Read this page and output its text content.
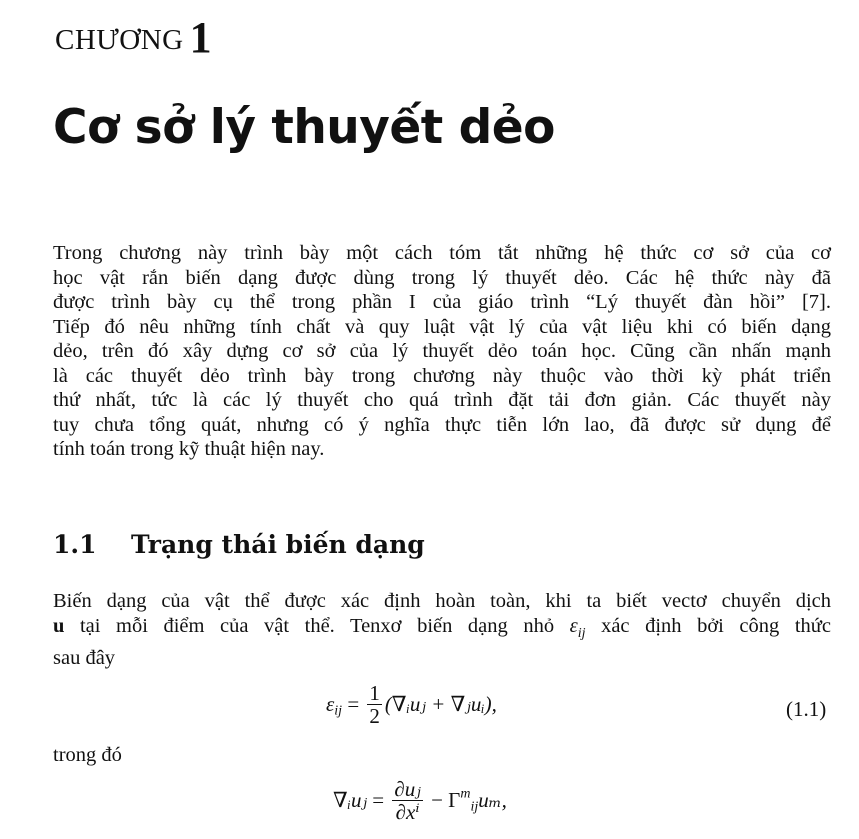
CHƯƠNG 1
Cơ sở lý thuyết dẻo
Trong chương này trình bày một cách tóm tắt những hệ thức cơ sở của cơ
học vật rắn biến dạng được dùng trong lý thuyết dẻo. Các hệ thức này đã
được trình bày cụ thể trong phần I của giáo trình “Lý thuyết đàn hồi” [7].
Tiếp đó nêu những tính chất và quy luật vật lý của vật liệu khi có biến dạng
dẻo, trên đó xây dựng cơ sở của lý thuyết dẻo toán học. Cũng cần nhấn mạnh
là các thuyết dẻo trình bày trong chương này thuộc vào thời kỳ phát triển
thứ nhất, tức là các lý thuyết cho quá trình đặt tải đơn giản. Các thuyết này
tuy chưa tổng quát, nhưng có ý nghĩa thực tiễn lớn lao, đã được sử dụng để
tính toán trong kỹ thuật hiện nay.
1.1 Trạng thái biến dạng
Biến dạng của vật thể được xác định hoàn toàn, khi ta biết vectơ chuyển dịch
u tại mỗi điểm của vật thể. Tenxơ biến dạng nhỏ $\varepsilon_{ij}$ xác định bởi công thức
sau đây
$\varepsilon_{ij} = \frac{1}{2}$ (∇ᵢuⱼ + ∇ⱼuᵢ),	(1.1)
trong đó
∇ᵢuⱼ = $\frac{\text{∂uⱼ}}{\text{∂xⁱ}} - \Gamma^m_{ij}u_m$,
